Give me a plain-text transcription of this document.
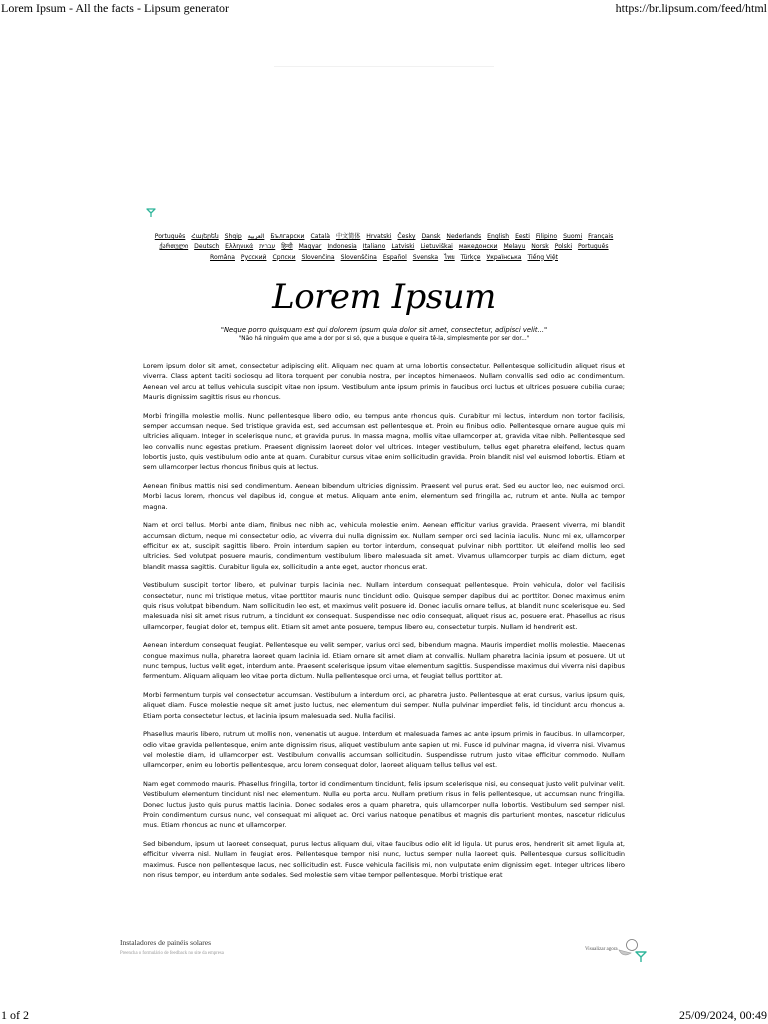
Lorem Ipsum - All the facts - Lipsum generator	https://br.lipsum.com/feed/html
Português Հայերեն Shqip العربية Български Català 中文简体 Hrvatski Česky Dansk Nederlands English Eesti Filipino Suomi Français ქართული Deutsch Ελληνικά עברית हिन्दी Magyar Indonesia Italiano Latviski Lietuviškai македонски Melayu Norsk Polski Português Româna Pyccкий Српски Slovenčina Slovenščina Español Svenska ไทย Türkçe Українська Tiếng Việt
Lorem Ipsum
"Neque porro quisquam est qui dolorem ipsum quia dolor sit amet, consectetur, adipisci velit..."
"Não há ninguém que ame a dor por si só, que a busque e queira tê-la, simplesmente por ser dor..."

Lorem ipsum dolor sit amet, consectetur adipiscing elit. Aliquam nec quam at urna lobortis consectetur. Pellentesque sollicitudin aliquet risus et viverra. Class aptent taciti sociosqu ad litora torquent per conubia nostra, per inceptos himenaeos. Nullam convallis sed odio ac condimentum. Aenean vel arcu at tellus vehicula suscipit vitae non ipsum. Vestibulum ante ipsum primis in faucibus orci luctus et ultrices posuere cubilia curae; Mauris dignissim sagittis risus eu rhoncus.

Morbi fringilla molestie mollis. Nunc pellentesque libero odio, eu tempus ante rhoncus quis. Curabitur mi lectus, interdum non tortor facilisis, semper accumsan neque. Sed tristique gravida est, sed accumsan est pellentesque et. Proin eu finibus odio. Pellentesque ornare augue quis mi ultricies aliquam. Integer in scelerisque nunc, et gravida purus. In massa magna, mollis vitae ullamcorper at, gravida vitae nibh. Pellentesque sed leo convallis nunc egestas pretium. Praesent dignissim laoreet dolor vel ultrices. Integer vestibulum, tellus eget pharetra eleifend, lectus quam lobortis justo, quis vestibulum odio ante at quam. Curabitur cursus vitae enim sollicitudin gravida. Proin blandit nisl vel euismod lobortis. Etiam et sem ullamcorper lectus rhoncus finibus quis at lectus.

Aenean finibus mattis nisi sed condimentum. Aenean bibendum ultricies dignissim. Praesent vel purus erat. Sed eu auctor leo, nec euismod orci. Morbi lacus lorem, rhoncus vel dapibus id, congue et metus. Aliquam ante enim, elementum sed fringilla ac, rutrum et ante. Nulla ac tempor magna.

Nam et orci tellus. Morbi ante diam, finibus nec nibh ac, vehicula molestie enim. Aenean efficitur varius gravida. Praesent viverra, mi blandit accumsan dictum, neque mi consectetur odio, ac viverra dui nulla dignissim ex. Nullam semper orci sed lacinia iaculis. Nunc mi ex, ullamcorper efficitur ex at, suscipit sagittis libero. Proin interdum sapien eu tortor interdum, consequat pulvinar nibh porttitor. Ut eleifend mollis leo sed ultricies. Sed volutpat posuere mauris, condimentum vestibulum libero malesuada sit amet. Vivamus ullamcorper turpis ac diam dictum, eget blandit massa sagittis. Curabitur ligula ex, sollicitudin a ante eget, auctor rhoncus erat.

Vestibulum suscipit tortor libero, et pulvinar turpis lacinia nec. Nullam interdum consequat pellentesque. Proin vehicula, dolor vel facilisis consectetur, nunc mi tristique metus, vitae porttitor mauris nunc tincidunt odio. Quisque semper dapibus dui ac porttitor. Donec maximus enim quis risus volutpat bibendum. Nam sollicitudin leo est, et maximus velit posuere id. Donec iaculis ornare tellus, at blandit nunc scelerisque eu. Sed malesuada nisi sit amet risus rutrum, a tincidunt ex consequat. Suspendisse nec odio consequat, aliquet risus ac, posuere erat. Phasellus ac risus ullamcorper, feugiat dolor et, tempus elit. Etiam sit amet ante posuere, tempus libero eu, consectetur turpis. Nullam id hendrerit est.

Aenean interdum consequat feugiat. Pellentesque eu velit semper, varius orci sed, bibendum magna. Mauris imperdiet mollis molestie. Maecenas congue maximus nulla, pharetra laoreet quam lacinia id. Etiam ornare sit amet diam at convallis. Nullam pharetra lacinia ipsum et posuere. Ut ut nunc tempus, luctus velit eget, interdum ante. Praesent scelerisque ipsum vitae elementum sagittis. Suspendisse maximus dui viverra nisi dapibus fermentum. Aliquam aliquam leo vitae porta dictum. Nulla pellentesque orci urna, et feugiat tellus porttitor at.

Morbi fermentum turpis vel consectetur accumsan. Vestibulum a interdum orci, ac pharetra justo. Pellentesque at erat cursus, varius ipsum quis, aliquet diam. Fusce molestie neque sit amet justo luctus, nec elementum dui semper. Nulla pulvinar imperdiet felis, id tincidunt arcu rhoncus a. Etiam porta consectetur lectus, et lacinia ipsum malesuada sed. Nulla facilisi.

Phasellus mauris libero, rutrum ut mollis non, venenatis ut augue. Interdum et malesuada fames ac ante ipsum primis in faucibus. In ullamcorper, odio vitae gravida pellentesque, enim ante dignissim risus, aliquet vestibulum ante sapien ut mi. Fusce id pulvinar magna, id viverra nisi. Vivamus vel molestie diam, id ullamcorper est. Vestibulum convallis accumsan sollicitudin. Suspendisse rutrum justo vitae efficitur commodo. Nullam ullamcorper, enim eu lobortis pellentesque, arcu lorem consequat dolor, laoreet aliquam tellus tellus vel est.

Nam eget commodo mauris. Phasellus fringilla, tortor id condimentum tincidunt, felis ipsum scelerisque nisi, eu consequat justo velit pulvinar velit. Vestibulum elementum tincidunt nisl nec elementum. Nulla eu porta arcu. Nullam pretium risus in felis pellentesque, ut accumsan nunc fringilla. Donec luctus justo quis purus mattis lacinia. Donec sodales eros a quam pharetra, quis ullamcorper nulla lobortis. Vestibulum sed semper nisl. Proin condimentum cursus nunc, vel consequat mi aliquet ac. Orci varius natoque penatibus et magnis dis parturient montes, nascetur ridiculus mus. Etiam rhoncus ac nunc et ullamcorper.

Sed bibendum, ipsum ut laoreet consequat, purus lectus aliquam dui, vitae faucibus odio elit id ligula. Ut purus eros, hendrerit sit amet ligula at, efficitur viverra nisl. Nullam in feugiat eros. Pellentesque tempor nisi nunc, luctus semper nulla laoreet quis. Pellentesque cursus sollicitudin maximus. Fusce non pellentesque lacus, nec sollicitudin est. Fusce vehicula facilisis mi, non vulputate enim dignissim eget. Integer ultrices libero non risus tempor, eu interdum ante sodales. Sed molestie sem vitae tempor pellentesque. Morbi tristique erat

Instaladores de painéis solares
Preencha o formulário de feedback no site da empresa
Visualizar agora
1 of 2	25/09/2024, 00:49
